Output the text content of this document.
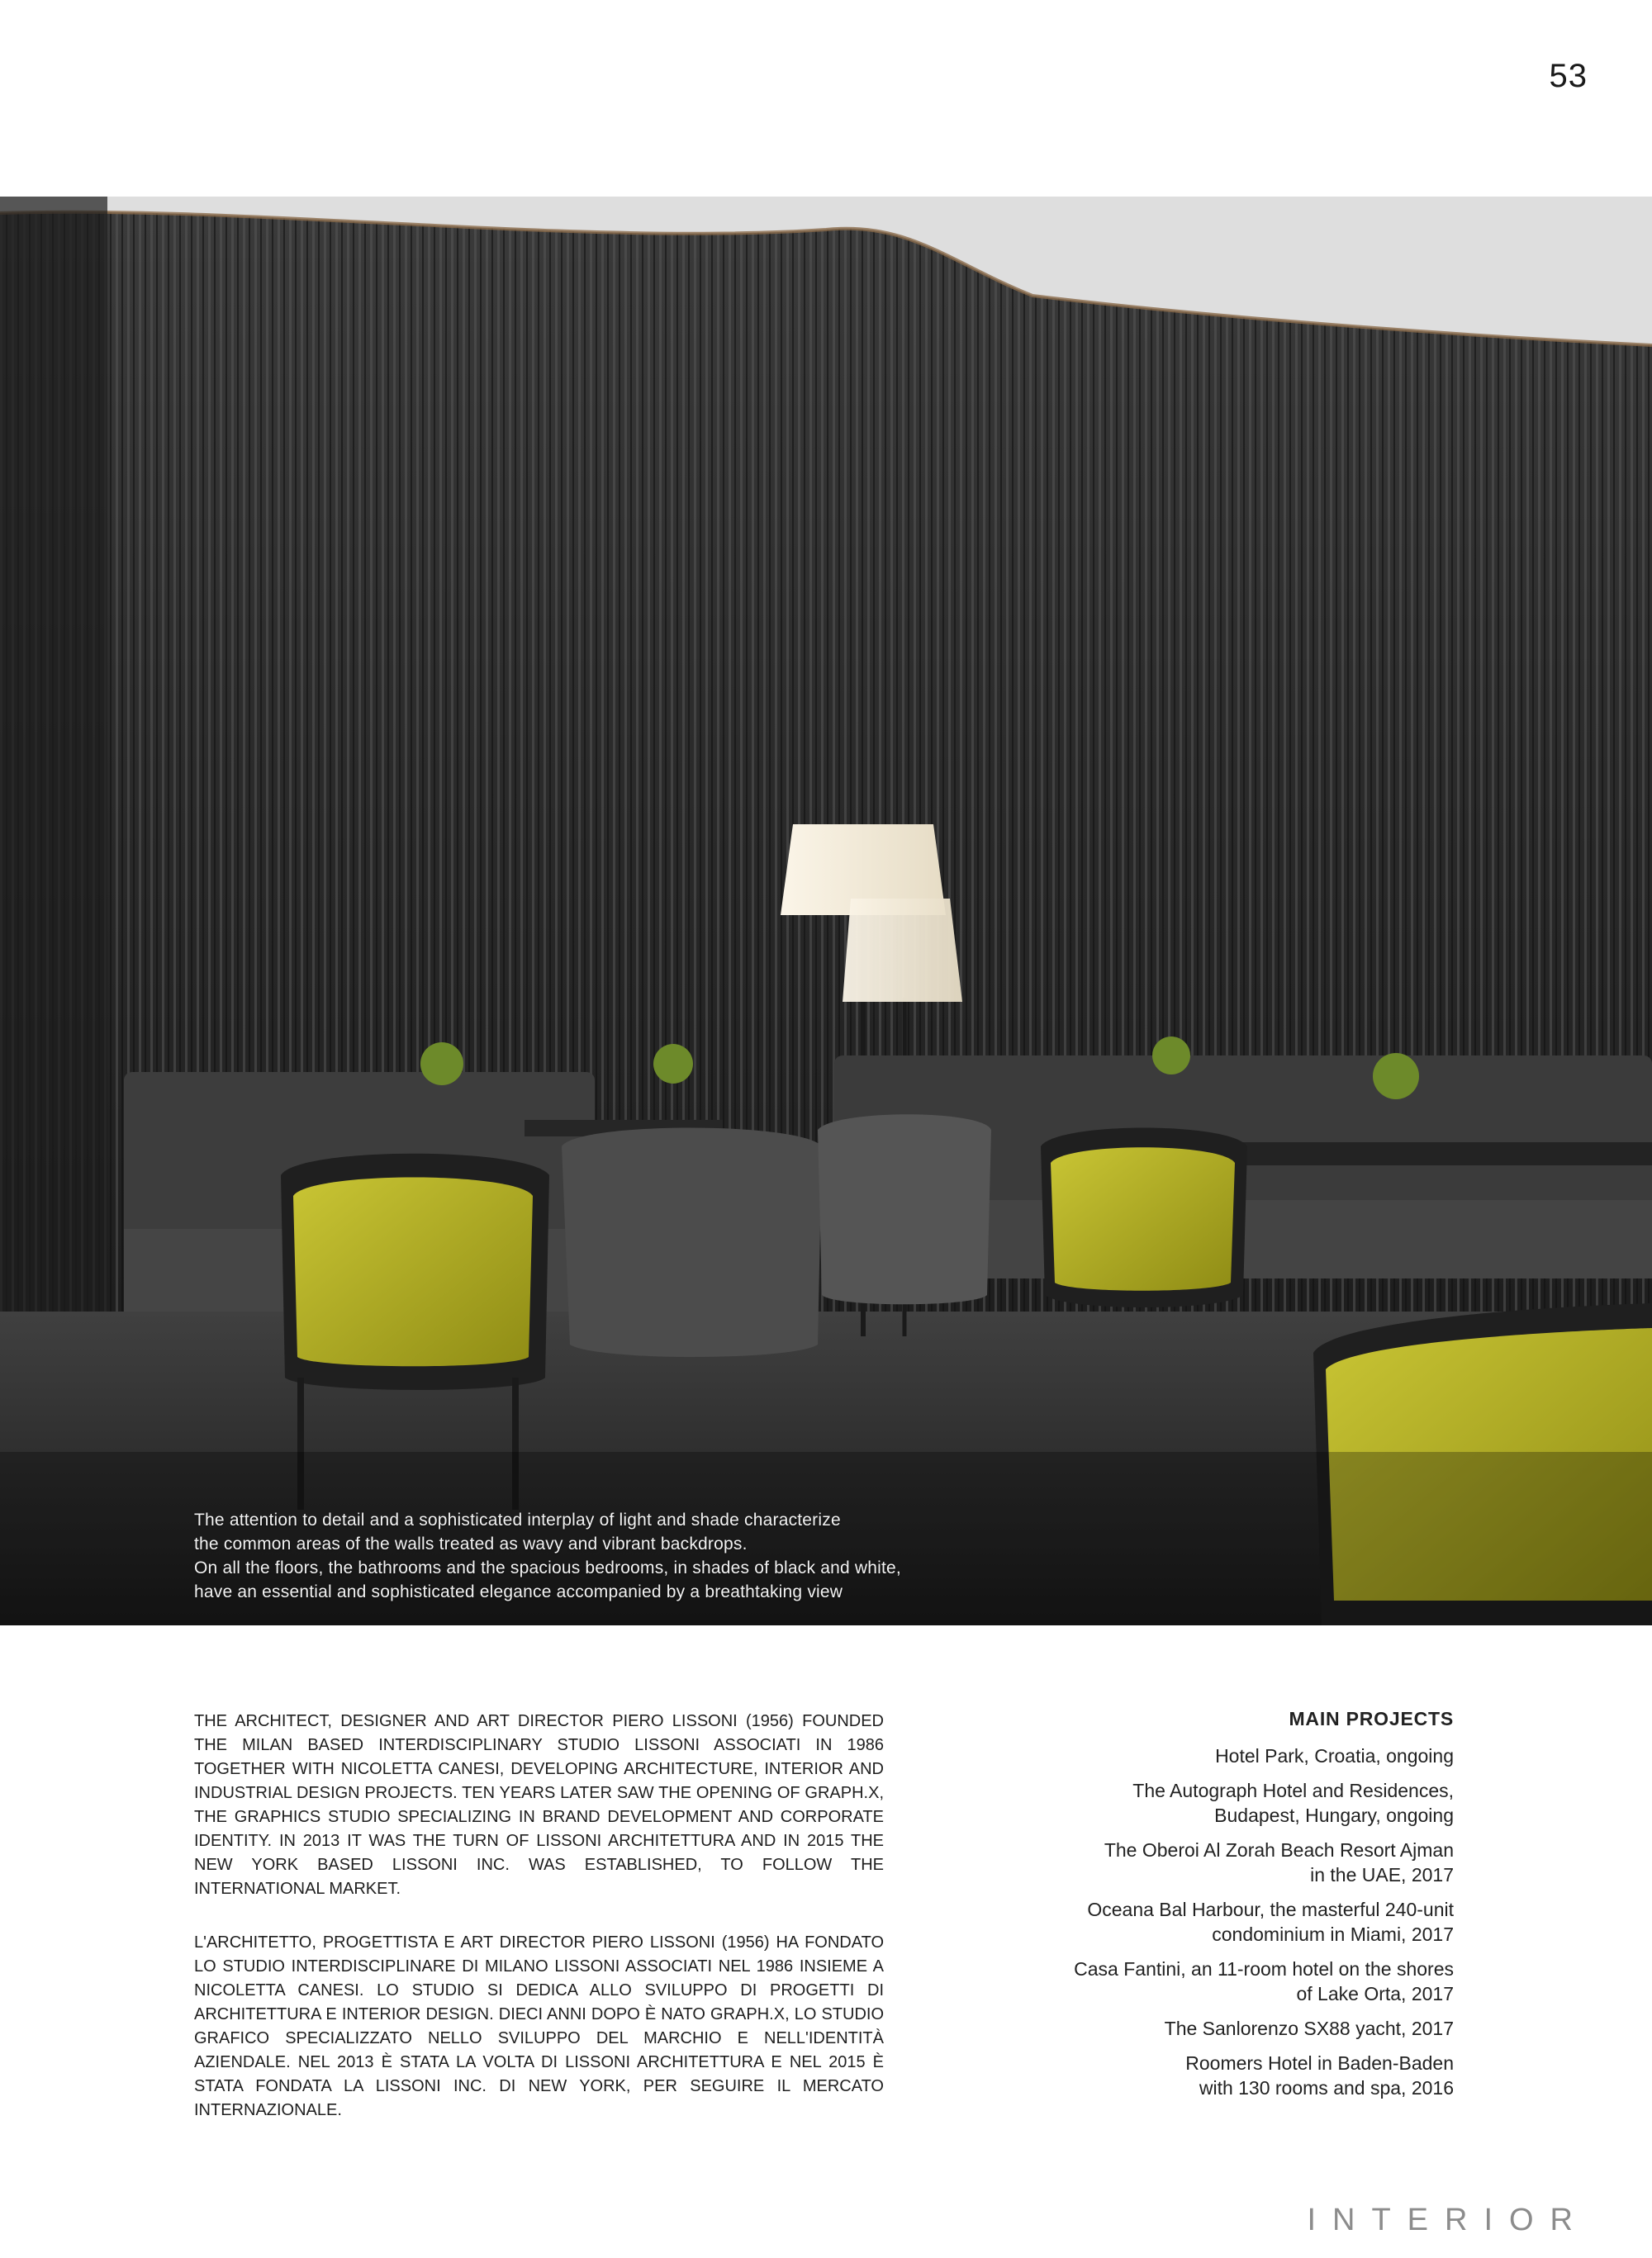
53

The attention to detail and a sophisticated interplay of light and shade characterize

the common areas of the walls treated as wavy and vibrant backdrops.

On all the floors, the bathrooms and the spacious bedrooms, in shades of black and white,

have an essential and sophisticated elegance accompanied by a breathtaking view

THE ARCHITECT, DESIGNER AND ART DIRECTOR PIERO LISSONI (1956) FOUNDED THE MILAN BASED INTERDISCIPLINARY STUDIO LISSONI ASSOCIATI IN 1986 TOGETHER WITH NICOLETTA CANESI, DEVELOPING ARCHITECTURE, INTERIOR AND INDUSTRIAL DESIGN PROJECTS. TEN YEARS LATER SAW THE OPENING OF GRAPH.X, THE GRAPHICS STUDIO SPECIALIZING IN BRAND DEVELOPMENT AND CORPORATE IDENTITY. IN 2013 IT WAS THE TURN OF LISSONI ARCHITETTURA AND IN 2015 THE NEW YORK BASED LISSONI INC. WAS ESTABLISHED, TO FOLLOW THE INTERNATIONAL MARKET.

L'ARCHITETTO, PROGETTISTA E ART DIRECTOR PIERO LISSONI (1956) HA FONDATO LO STUDIO INTERDISCIPLINARE DI MILANO LISSONI ASSOCIATI NEL 1986 INSIEME A NICOLETTA CANESI. LO STUDIO SI DEDICA ALLO SVILUPPO DI PROGETTI DI ARCHITETTURA E INTERIOR DESIGN. DIECI ANNI DOPO È NATO GRAPH.X, LO STUDIO GRAFICO SPECIALIZZATO NELLO SVILUPPO DEL MARCHIO E NELL'IDENTITÀ AZIENDALE. NEL 2013 È STATA LA VOLTA DI LISSONI ARCHITETTURA E NEL 2015 È STATA FONDATA LA LISSONI INC. DI NEW YORK, PER SEGUIRE IL MERCATO INTERNAZIONALE.

MAIN PROJECTS
Hotel Park, Croatia, ongoing
The Autograph Hotel and Residences,
Budapest, Hungary, ongoing
The Oberoi Al Zorah Beach Resort Ajman
in the UAE, 2017
Oceana Bal Harbour, the masterful 240-unit
condominium in Miami, 2017
Casa Fantini, an 11-room hotel on the shores
of Lake Orta, 2017
The Sanlorenzo SX88 yacht, 2017
Roomers Hotel in Baden-Baden
with 130 rooms and spa, 2016
INTERIOR
